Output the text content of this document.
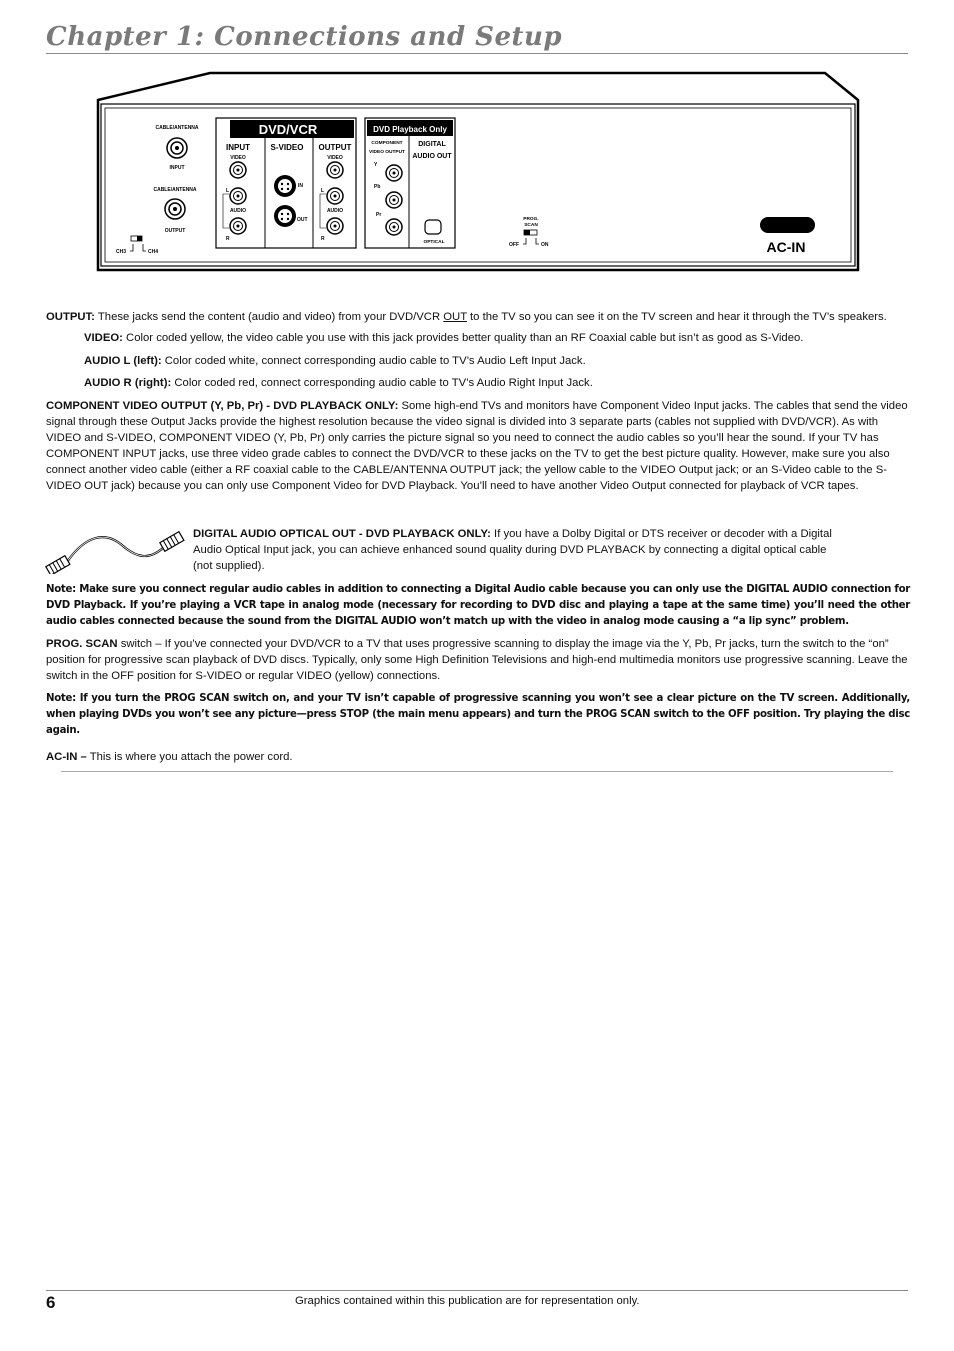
Chapter 1: Connections and Setup
CABLE/ANTENNA
INPUT
CABLE/ANTENNA
OUTPUT
CH3	CH4
DVD/VCR
INPUT	S-VIDEO OUTPUT
VIDEO	VIDEO
L
AUDIO
R
IN
OUT
L
AUDIO
R
DVD Playback Only
COMPONENT
VIDEO OUTPUT
DIGITAL
AUDIO OUT
Y
Pb
Pr
OPTICAL
PROG.
SCAN
OFF	ON	AC-IN

OUTPUT: These jacks send the content (audio and video) from your DVD/VCR OUT to the TV so you can see it on the TV screen and hear it through the TV’s speakers.

VIDEO: Color coded yellow, the video cable you use with this jack provides better quality than an RF Coaxial cable but isn’t as good as S-Video.

AUDIO L (left): Color coded white, connect corresponding audio cable to TV’s Audio Left Input Jack.

AUDIO R (right): Color coded red, connect corresponding audio cable to TV’s Audio Right Input Jack.

COMPONENT VIDEO OUTPUT (Y, Pb, Pr) - DVD PLAYBACK ONLY: Some high-end TVs and monitors have Component Video Input jacks. The cables that send the video signal through these Output Jacks provide the highest resolution because the video signal is divided into 3 separate parts (cables not supplied with DVD/VCR). As with VIDEO and S-VIDEO, COMPONENT VIDEO (Y, Pb, Pr) only carries the picture signal so you need to connect the audio cables so you’ll hear the sound. If your TV has COMPONENT INPUT jacks, use three video grade cables to connect the DVD/VCR to these jacks on the TV to get the best picture quality. However, make sure you also connect another video cable (either a RF coaxial cable to the CABLE/ANTENNA OUTPUT jack; the yellow cable to the VIDEO Output jack; or an S-Video cable to the S-VIDEO OUT jack) because you can only use Component Video for DVD Playback. You’ll need to have another Video Output connected for playback of VCR tapes.

DIGITAL AUDIO OPTICAL OUT - DVD PLAYBACK ONLY: If you have a Dolby Digital or DTS receiver or decoder with a Digital Audio Optical Input jack, you can achieve enhanced sound quality during DVD PLAYBACK by connecting a digital optical cable (not supplied).

Note: Make sure you connect regular audio cables in addition to connecting a Digital Audio cable because you can only use the DIGITAL AUDIO connection for DVD Playback. If you’re playing a VCR tape in analog mode (necessary for recording to DVD disc and playing a tape at the same time) you’ll need the other audio cables connected because the sound from the DIGITAL AUDIO won’t match up with the video in analog mode causing a “a lip sync” problem.

PROG. SCAN switch – If you’ve connected your DVD/VCR to a TV that uses progressive scanning to display the image via the Y, Pb, Pr jacks, turn the switch to the “on” position for progressive scan playback of DVD discs. Typically, only some High Definition Televisions and high-end multimedia monitors use progressive scanning. Leave the switch in the OFF position for S-VIDEO or regular VIDEO (yellow) connections.

Note: If you turn the PROG SCAN switch on, and your TV isn’t capable of progressive scanning you won’t see a clear picture on the TV screen. Additionally, when playing DVDs you won’t see any picture—press STOP (the main menu appears) and turn the PROG SCAN switch to the OFF position. Try playing the disc again.

AC-IN – This is where you attach the power cord.

6	Graphics contained within this publication are for representation only.
